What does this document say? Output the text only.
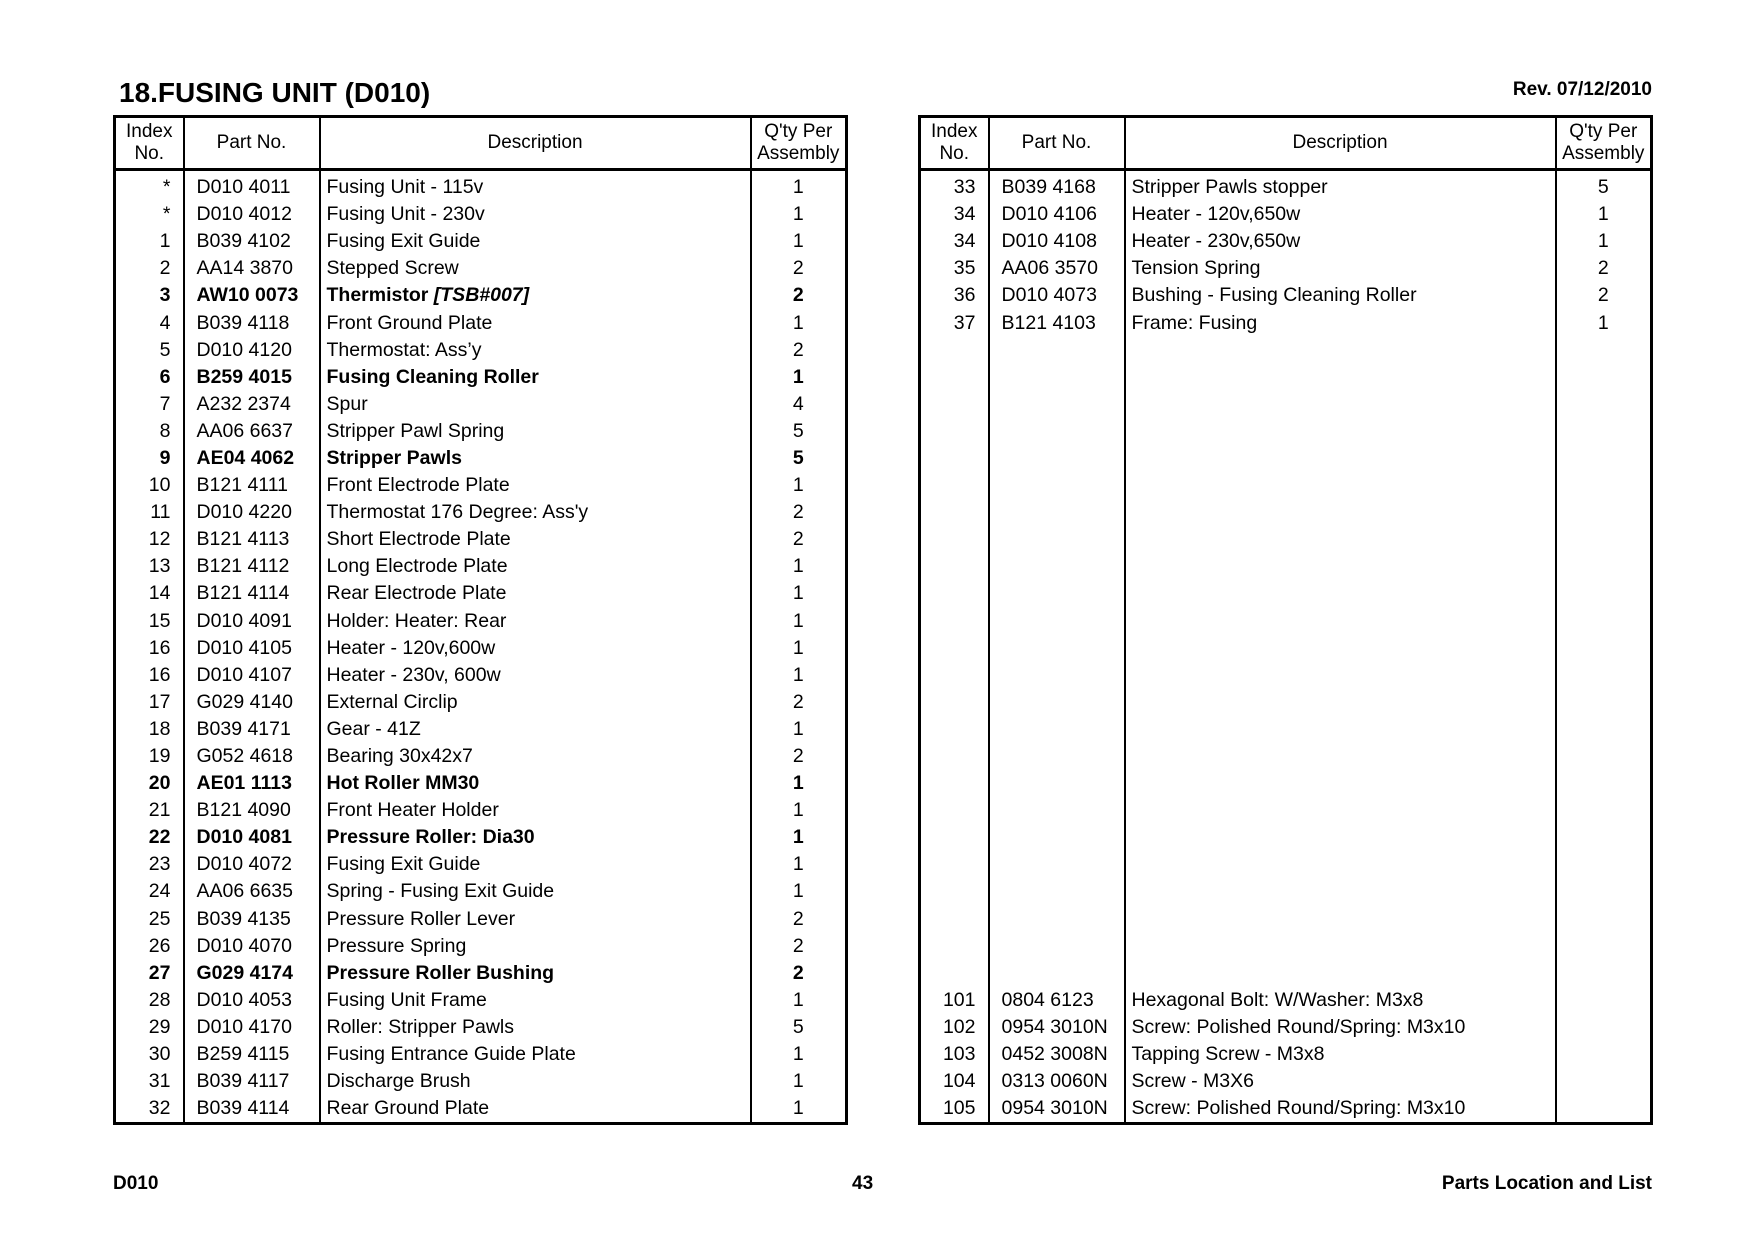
18.FUSING UNIT (D010)	Rev. 07/12/2010
Index
No.	Part No.	Description	Q'ty Per
Assembly
*	D010 4011	Fusing Unit - 115v	1
*	D010 4012	Fusing Unit - 230v	1
1	B039 4102	Fusing Exit Guide	1
2	AA14 3870	Stepped Screw	2
3	AW10 0073	Thermistor [TSB#007]	2
4	B039 4118	Front Ground Plate	1
5	D010 4120	Thermostat: Ass’y	2
6	B259 4015	Fusing Cleaning Roller	1
7	A232 2374	Spur	4
8	AA06 6637	Stripper Pawl Spring	5
9	AE04 4062	Stripper Pawls	5
10	B121 4111	Front Electrode Plate	1
11	D010 4220	Thermostat 176 Degree: Ass'y	2
12	B121 4113	Short Electrode Plate	2
13	B121 4112	Long Electrode Plate	1
14	B121 4114	Rear Electrode Plate	1
15	D010 4091	Holder: Heater: Rear	1
16	D010 4105	Heater - 120v,600w	1
16	D010 4107	Heater - 230v, 600w	1
17	G029 4140	External Circlip	2
18	B039 4171	Gear - 41Z	1
19	G052 4618	Bearing 30x42x7	2
20	AE01 1113	Hot Roller MM30	1
21	B121 4090	Front Heater Holder	1
22	D010 4081	Pressure Roller: Dia30	1
23	D010 4072	Fusing Exit Guide	1
24	AA06 6635	Spring - Fusing Exit Guide	1
25	B039 4135	Pressure Roller Lever	2
26	D010 4070	Pressure Spring	2
27	G029 4174	Pressure Roller Bushing	2
28	D010 4053	Fusing Unit Frame	1
29	D010 4170	Roller: Stripper Pawls	5
30	B259 4115	Fusing Entrance Guide Plate	1
31	B039 4117	Discharge Brush	1
32	B039 4114	Rear Ground Plate	1
Index
No.	Part No.	Description	Q'ty Per
Assembly
33	B039 4168	Stripper Pawls stopper	5
34	D010 4106	Heater - 120v,650w	1
34	D010 4108	Heater - 230v,650w	1
35	AA06 3570	Tension Spring	2
36	D010 4073	Bushing - Fusing Cleaning Roller	2
37	B121 4103	Frame: Fusing	1

101	0804 6123	Hexagonal Bolt: W/Washer: M3x8	
102	0954 3010N	Screw: Polished Round/Spring: M3x10	
103	0452 3008N	Tapping Screw - M3x8	
104	0313 0060N	Screw - M3X6	
105	0954 3010N	Screw: Polished Round/Spring: M3x10	
D010	43	Parts Location and List
